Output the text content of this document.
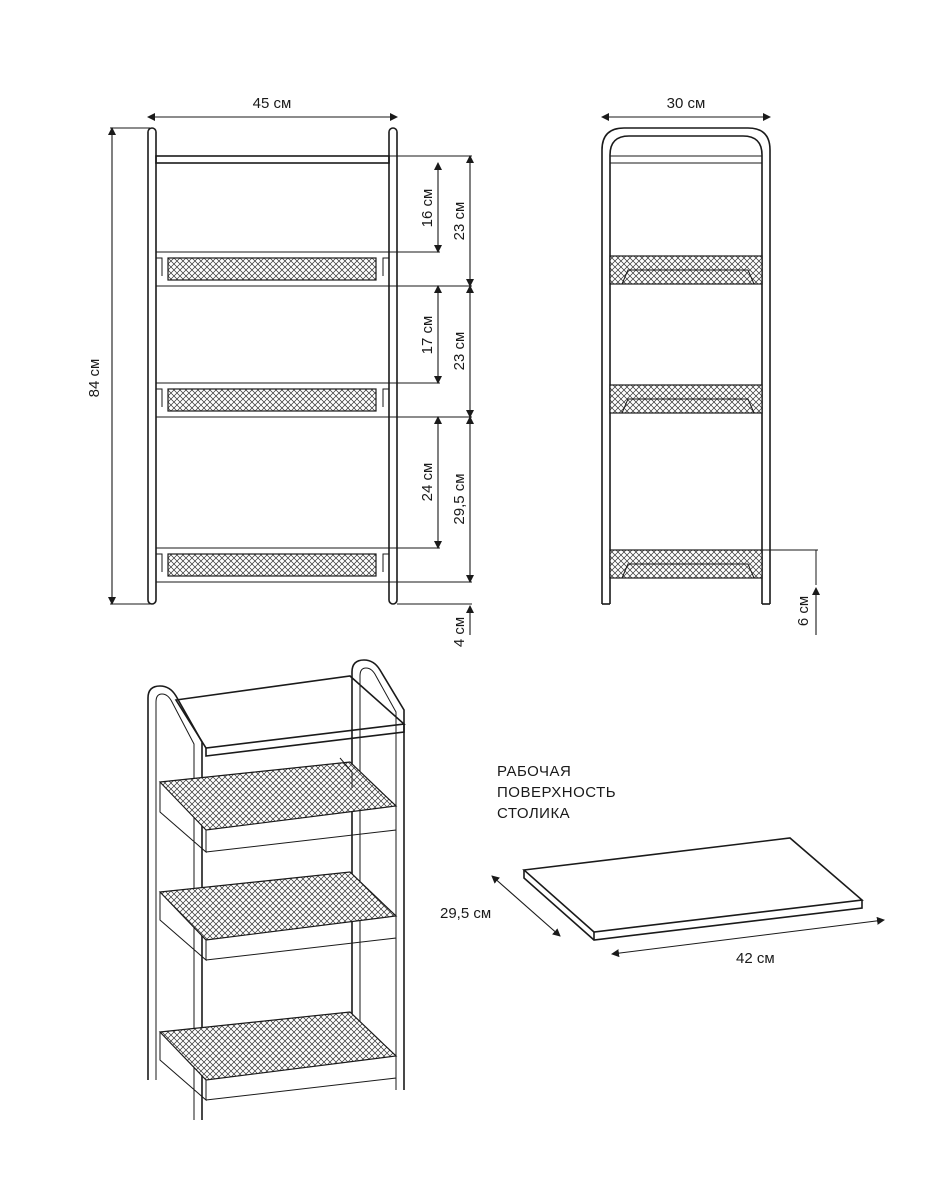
45 см
84 см
16 см
17 см
24 см
23 см
23 см
29,5 см
4 см
30 см
6 см
РАБОЧАЯ
ПОВЕРХНОСТЬ
СТОЛИКА
29,5 см
42 см
